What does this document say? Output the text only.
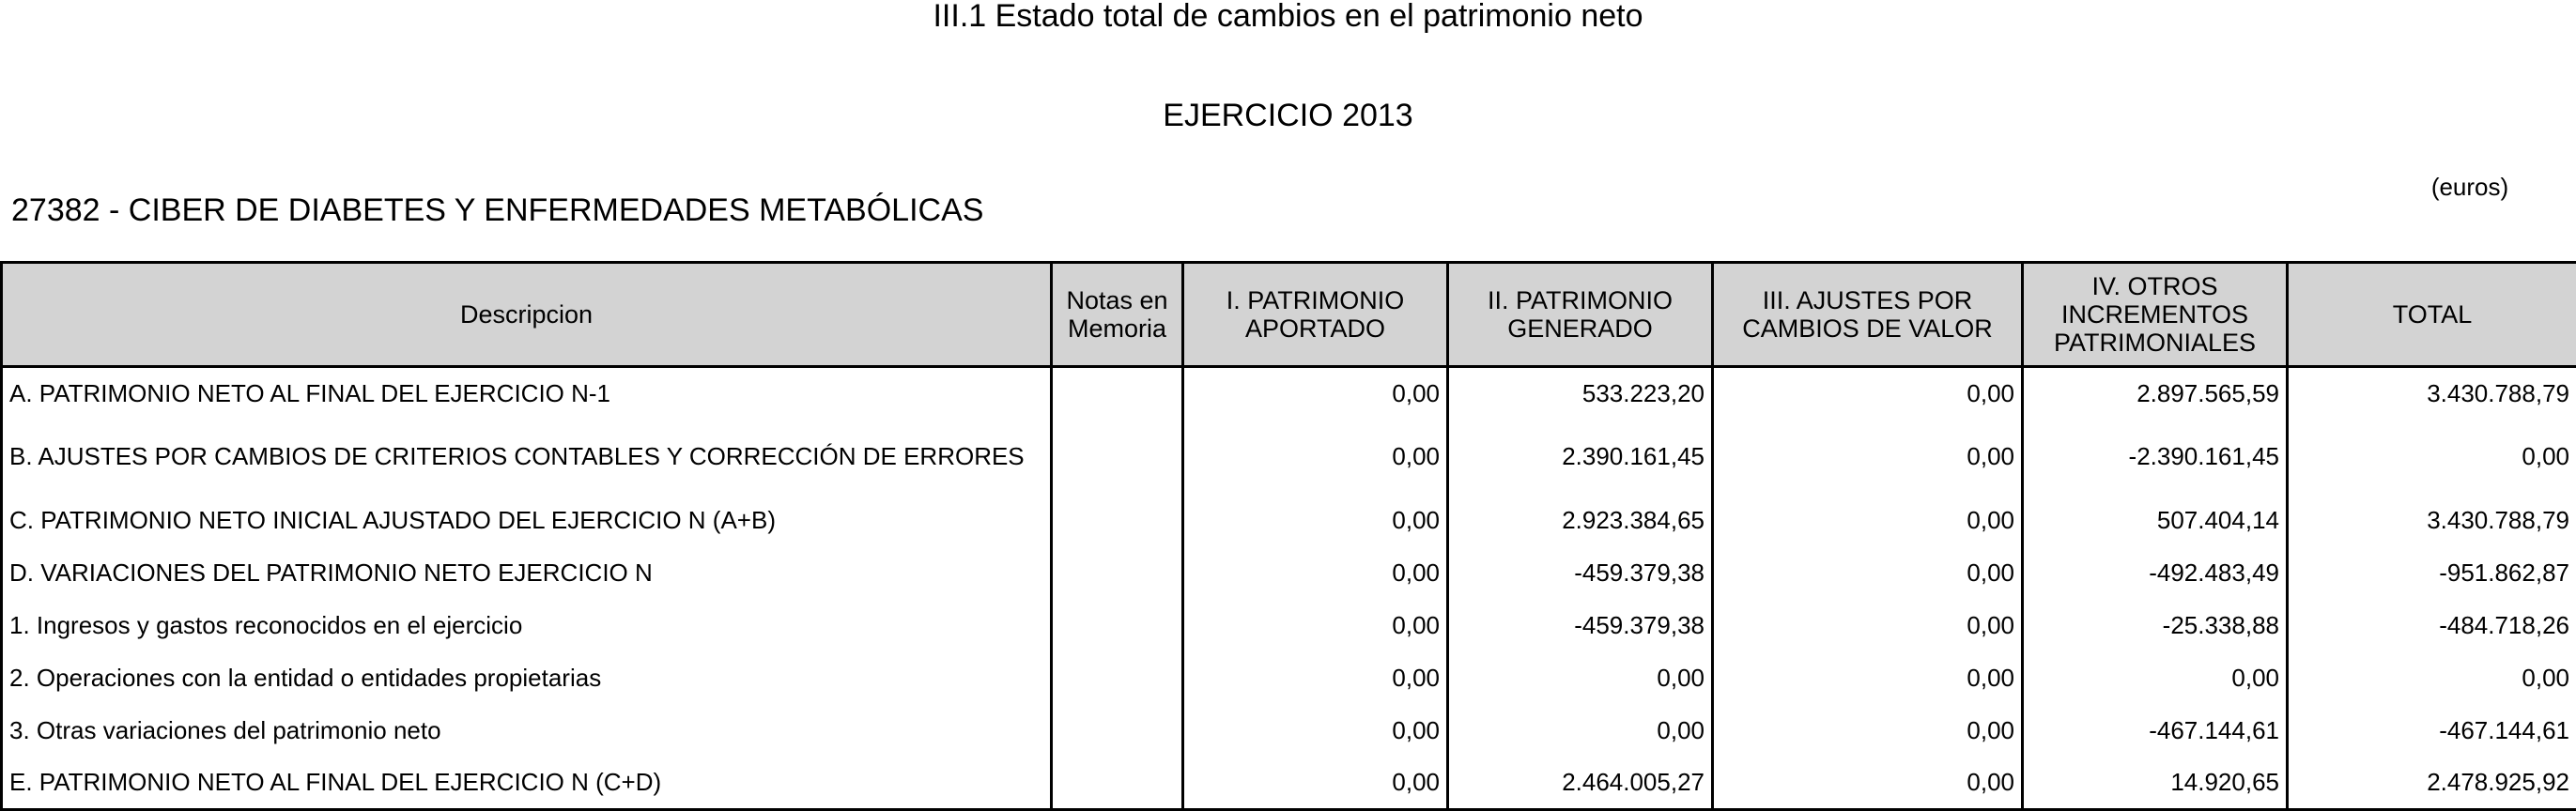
III.1 Estado total de cambios en el patrimonio neto
EJERCICIO 2013
(euros)
27382 - CIBER DE DIABETES Y ENFERMEDADES METABÓLICAS
Descripcion	Notas en Memoria	I. PATRIMONIO APORTADO	II. PATRIMONIO GENERADO	III. AJUSTES POR CAMBIOS DE VALOR	IV. OTROS INCREMENTOS PATRIMONIALES	TOTAL
A. PATRIMONIO NETO AL FINAL DEL EJERCICIO N-1		0,00	533.223,20	0,00	2.897.565,59	3.430.788,79
B. AJUSTES POR CAMBIOS DE CRITERIOS CONTABLES Y CORRECCIÓN DE ERRORES		0,00	2.390.161,45	0,00	-2.390.161,45	0,00
C. PATRIMONIO NETO INICIAL AJUSTADO DEL EJERCICIO N (A+B)		0,00	2.923.384,65	0,00	507.404,14	3.430.788,79
D. VARIACIONES DEL PATRIMONIO NETO EJERCICIO N		0,00	-459.379,38	0,00	-492.483,49	-951.862,87
1. Ingresos y gastos reconocidos en el ejercicio		0,00	-459.379,38	0,00	-25.338,88	-484.718,26
2. Operaciones con la entidad o entidades propietarias		0,00	0,00	0,00	0,00	0,00
3. Otras variaciones del patrimonio neto		0,00	0,00	0,00	-467.144,61	-467.144,61
E. PATRIMONIO NETO AL FINAL DEL EJERCICIO N (C+D)		0,00	2.464.005,27	0,00	14.920,65	2.478.925,92
